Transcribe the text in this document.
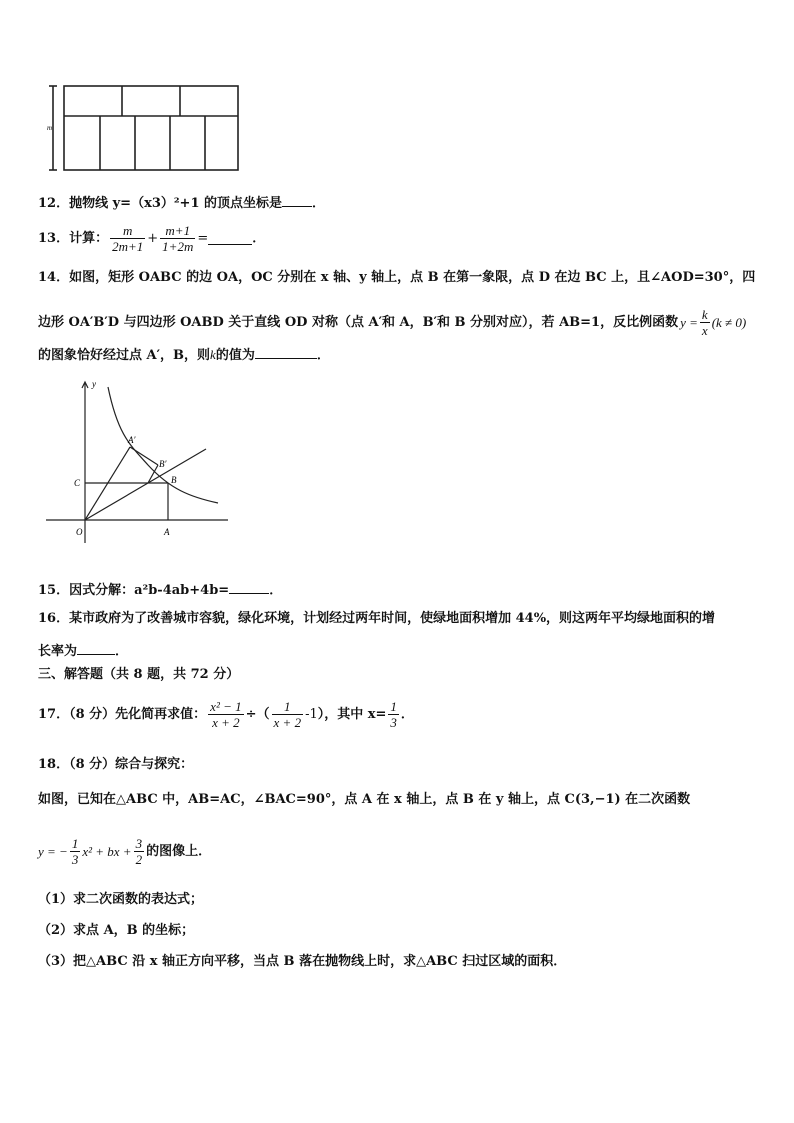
m
12．抛物线 y=（x3）²+1 的顶点坐标是 ．
13．计算： $\frac{m}{2m+1} + \frac{m+1}{1+2m}$ =	．
14．如图，矩形 OABC 的边 OA，OC 分别在 x 轴、y 轴上，点 B 在第一象限，点 D 在边 BC 上，且∠AOD=30°，四
边形 OA′B′D 与四边形 OABD 关于直线 OD 对称（点 A′和 A，B′和 B 分别对应），若 AB=1，反比例函数 $y = \frac{k}{x} (k \ne 0)$
的图象恰好经过点 A′，B，则k的值为	．
y
O	A
C	B
A′
B′
15．因式分解：a²b-4ab+4b=	．
16．某市政府为了改善城市容貌，绿化环境，计划经过两年时间，使绿地面积增加 44%，则这两年平均绿地面积的增
长率为	．
三、解答题（共 8 题，共 72 分）
17．（8 分）先化简再求值： $\frac{\text{x² − 1}}{x + 2}$ ÷（ $\frac{1}{x + 2} -1$），其中 $x= \frac{1}{3}$ ．
18．（8 分）综合与探究：
如图，已知在△ABC 中，AB=AC，∠BAC=90°，点 A 在 x 轴上，点 B 在 y 轴上，点 C(3,−1) 在二次函数
y = − $\frac{1}{3} x^2$ + bx + $\frac{3}{2}$ 的图像上．
（1）求二次函数的表达式；
（2）求点 A，B 的坐标；
（3）把△ABC 沿 x 轴正方向平移，当点 B 落在抛物线上时，求△ABC 扫过区域的面积．
